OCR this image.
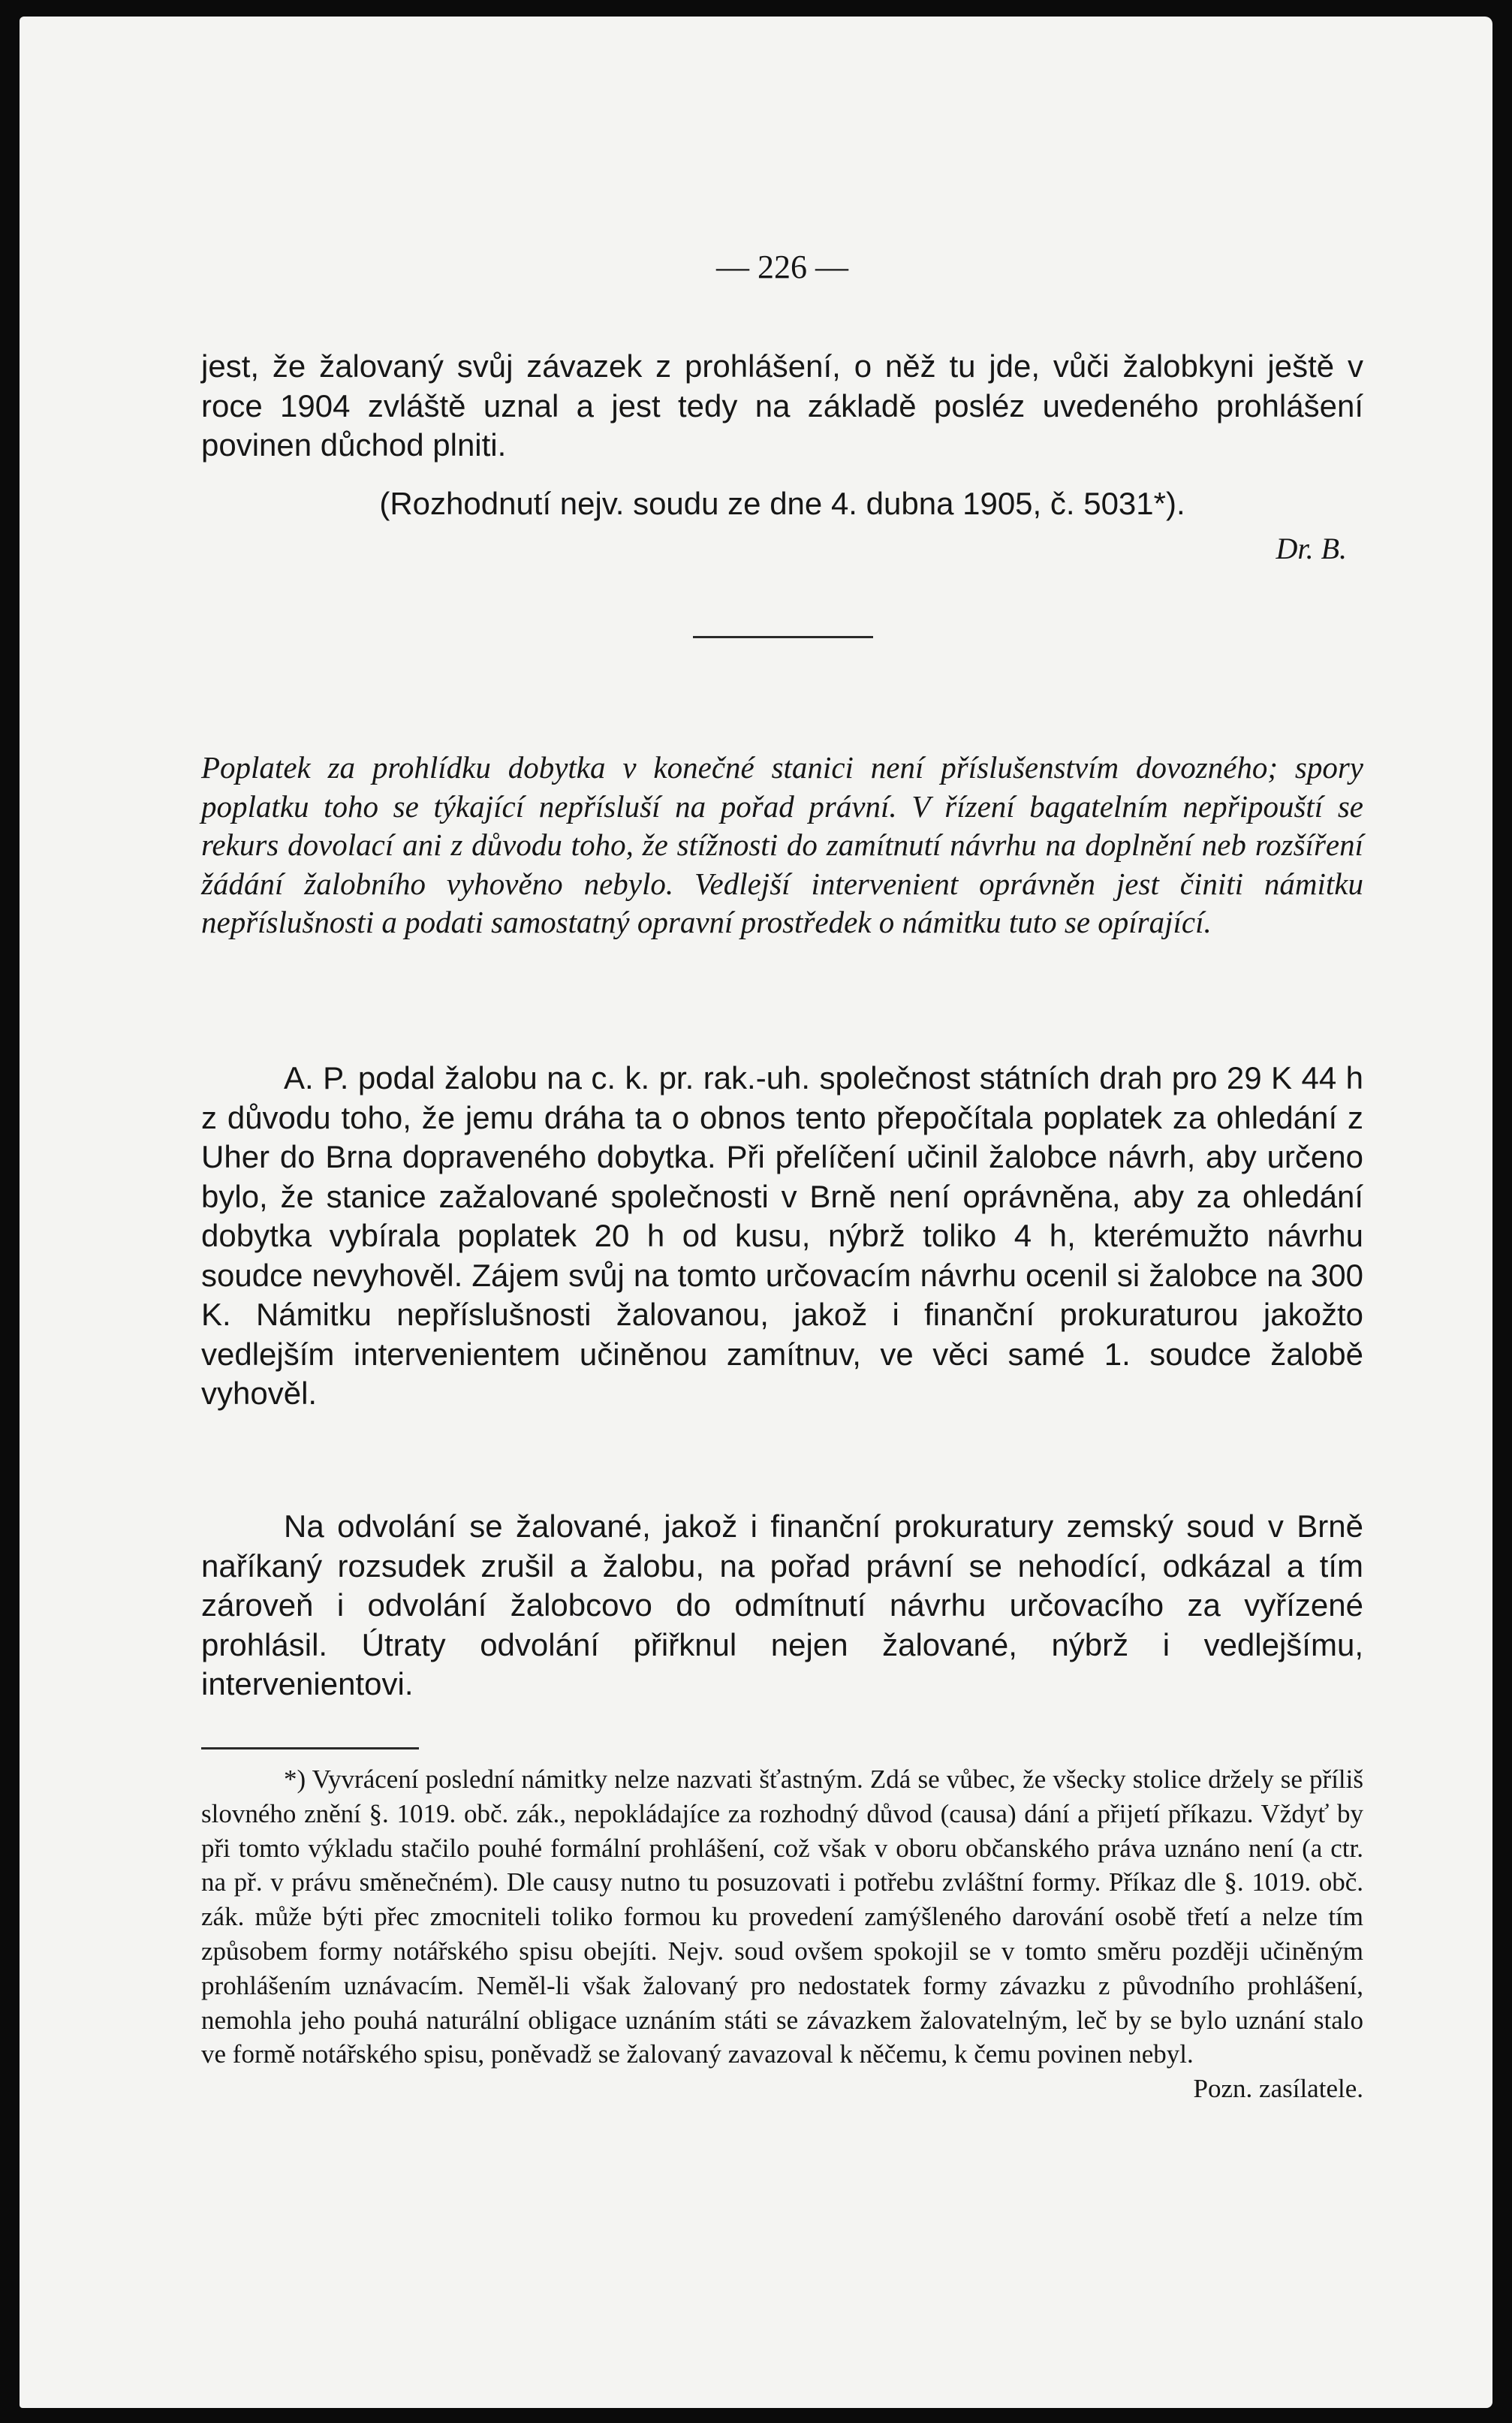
— 226 —

jest, že žalovaný svůj závazek z prohlášení, o něž tu jde, vůči žalobkyni ještě v roce 1904 zvláště uznal a jest tedy na základě posléz uvedeného prohlášení povinen důchod plniti.

(Rozhodnutí nejv. soudu ze dne 4. dubna 1905, č. 5031*).

Dr. B.

Poplatek za prohlídku dobytka v konečné stanici není příslušenstvím dovozného; spory poplatku toho se týkající nepřísluší na pořad právní. V řízení bagatelním nepřipouští se rekurs dovolací ani z důvodu toho, že stížnosti do zamítnutí návrhu na doplnění neb rozšíření žádání žalobního vyhověno nebylo. Vedlejší intervenient oprávněn jest činiti námitku nepříslušnosti a podati samostatný opravní prostředek o námitku tuto se opírající.

A. P. podal žalobu na c. k. pr. rak.-uh. společnost státních drah pro 29 K 44 h z důvodu toho, že jemu dráha ta o obnos tento přepočítala poplatek za ohledání z Uher do Brna dopraveného dobytka. Při přelíčení učinil žalobce návrh, aby určeno bylo, že stanice zažalované společnosti v Brně není oprávněna, aby za ohledání dobytka vybírala poplatek 20 h od kusu, nýbrž toliko 4 h, kterémužto návrhu soudce nevyhověl. Zájem svůj na tomto určovacím návrhu ocenil si žalobce na 300 K. Námitku nepříslušnosti žalovanou, jakož i finanční prokuraturou jakožto vedlejším intervenientem učiněnou zamítnuv, ve věci samé 1. soudce žalobě vyhověl.

Na odvolání se žalované, jakož i finanční prokuratury zemský soud v Brně naříkaný rozsudek zrušil a žalobu, na pořad právní se nehodící, odkázal a tím zároveň i odvolání žalobcovo do odmítnutí návrhu určovacího za vyřízené prohlásil. Útraty odvolání přiřknul nejen žalované, nýbrž i vedlejšímu, intervenientovi.

*) Vyvrácení poslední námitky nelze nazvati šťastným. Zdá se vůbec, že všecky stolice držely se příliš slovného znění §. 1019. obč. zák., nepokládajíce za rozhodný důvod (causa) dání a přijetí příkazu. Vždyť by při tomto výkladu stačilo pouhé formální prohlášení, což však v oboru občanského práva uznáno není (a ctr. na př. v právu směnečném). Dle causy nutno tu posuzovati i potřebu zvláštní formy. Příkaz dle §. 1019. obč. zák. může býti přec zmocniteli toliko formou ku provedení zamýšleného darování osobě třetí a nelze tím způsobem formy notářského spisu obejíti. Nejv. soud ovšem spokojil se v tomto směru později učiněným prohlášením uznávacím. Neměl-li však žalovaný pro nedostatek formy závazku z původního prohlášení, nemohla jeho pouhá naturální obligace uznáním státi se závazkem žalovatelným, leč by se bylo uznání stalo ve formě notářského spisu, poněvadž se žalovaný zavazoval k něčemu, k čemu povinen nebyl.
Pozn. zasílatele.
